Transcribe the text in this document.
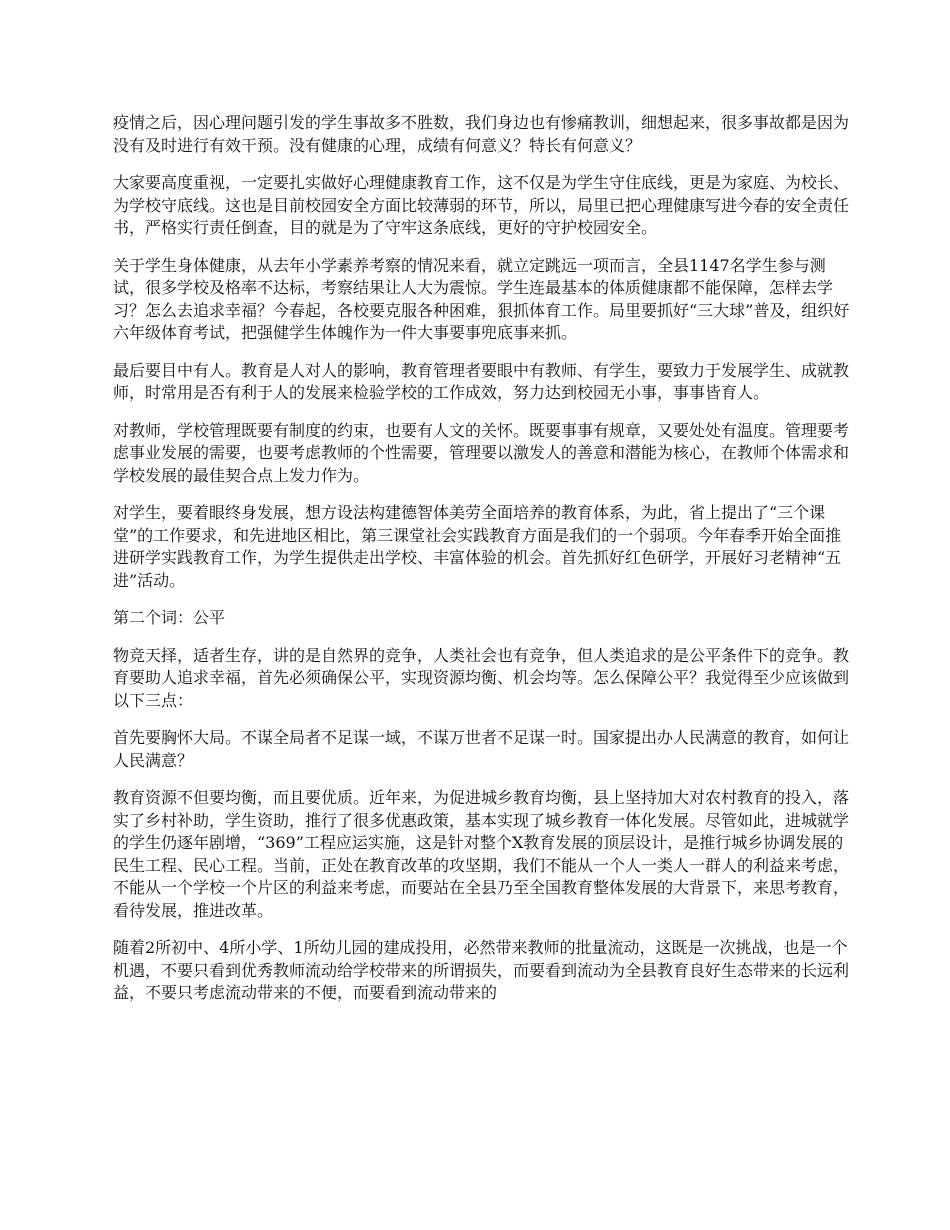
疫情之后，因心理问题引发的学生事故多不胜数，我们身边也有惨痛教训，细想起来，很多事故都是因为没有及时进行有效干预。没有健康的心理，成绩有何意义？特长有何意义？

大家要高度重视，一定要扎实做好心理健康教育工作，这不仅是为学生守住底线，更是为家庭、为校长、为学校守底线。这也是目前校园安全方面比较薄弱的环节，所以，局里已把心理健康写进今春的安全责任书，严格实行责任倒查，目的就是为了守牢这条底线，更好的守护校园安全。

关于学生身体健康，从去年小学素养考察的情况来看，就立定跳远一项而言，全县1147名学生参与测试，很多学校及格率不达标，考察结果让人大为震惊。学生连最基本的体质健康都不能保障，怎样去学习？怎么去追求幸福？今春起，各校要克服各种困难，狠抓体育工作。局里要抓好“三大球”普及，组织好六年级体育考试，把强健学生体魄作为一件大事要事兜底事来抓。

最后要目中有人。教育是人对人的影响，教育管理者要眼中有教师、有学生，要致力于发展学生、成就教师，时常用是否有利于人的发展来检验学校的工作成效，努力达到校园无小事，事事皆育人。

对教师，学校管理既要有制度的约束，也要有人文的关怀。既要事事有规章，又要处处有温度。管理要考虑事业发展的需要，也要考虑教师的个性需要，管理要以激发人的善意和潜能为核心，在教师个体需求和学校发展的最佳契合点上发力作为。

对学生，要着眼终身发展，想方设法构建德智体美劳全面培养的教育体系，为此，省上提出了“三个课堂”的工作要求，和先进地区相比，第三课堂社会实践教育方面是我们的一个弱项。今年春季开始全面推进研学实践教育工作，为学生提供走出学校、丰富体验的机会。首先抓好红色研学，开展好习老精神“五进”活动。

第二个词：公平

物竞天择，适者生存，讲的是自然界的竞争，人类社会也有竞争，但人类追求的是公平条件下的竞争。教育要助人追求幸福，首先必须确保公平，实现资源均衡、机会均等。怎么保障公平？我觉得至少应该做到以下三点：

首先要胸怀大局。不谋全局者不足谋一域，不谋万世者不足谋一时。国家提出办人民满意的教育，如何让人民满意？

教育资源不但要均衡，而且要优质。近年来，为促进城乡教育均衡，县上坚持加大对农村教育的投入，落实了乡村补助，学生资助，推行了很多优惠政策，基本实现了城乡教育一体化发展。尽管如此，进城就学的学生仍逐年剧增，“369”工程应运实施，这是针对整个X教育发展的顶层设计，是推行城乡协调发展的民生工程、民心工程。当前，正处在教育改革的攻坚期，我们不能从一个人一类人一群人的利益来考虑，不能从一个学校一个片区的利益来考虑，而要站在全县乃至全国教育整体发展的大背景下，来思考教育，看待发展，推进改革。

随着2所初中、4所小学、1所幼儿园的建成投用，必然带来教师的批量流动，这既是一次挑战，也是一个机遇，不要只看到优秀教师流动给学校带来的所谓损失，而要看到流动为全县教育良好生态带来的长远利益，不要只考虑流动带来的不便，而要看到流动带来的
